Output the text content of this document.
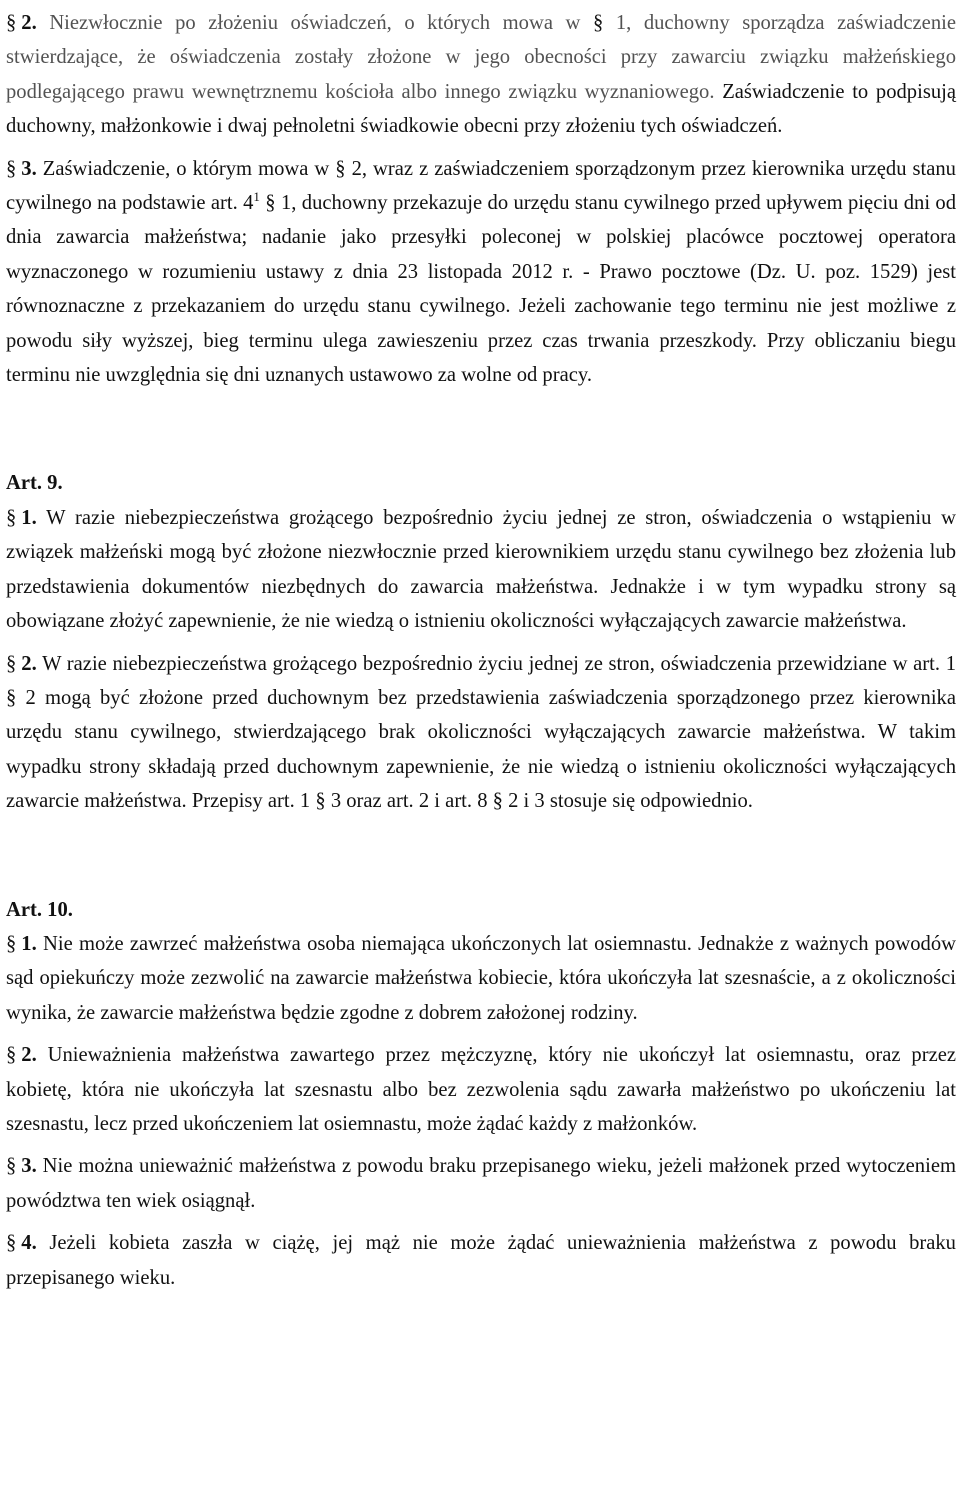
§ 2. Niezwłocznie po złożeniu oświadczeń, o których mowa w § 1, duchowny sporządza zaświadczenie stwierdzające, że oświadczenia zostały złożone w jego obecności przy zawarciu związku małżeńskiego podlegającego prawu wewnętrznemu kościoła albo innego związku wyznaniowego. Zaświadczenie to podpisują duchowny, małżonkowie i dwaj pełnoletni świadkowie obecni przy złożeniu tych oświadczeń.

§ 3. Zaświadczenie, o którym mowa w § 2, wraz z zaświadczeniem sporządzonym przez kierownika urzędu stanu cywilnego na podstawie art. $4^1$ § 1, duchowny przekazuje do urzędu stanu cywilnego przed upływem pięciu dni od dnia zawarcia małżeństwa; nadanie jako przesyłki poleconej w polskiej placówce pocztowej operatora wyznaczonego w rozumieniu ustawy z dnia 23 listopada 2012 r. - Prawo pocztowe (Dz. U. poz. 1529) jest równoznaczne z przekazaniem do urzędu stanu cywilnego. Jeżeli zachowanie tego terminu nie jest możliwe z powodu siły wyższej, bieg terminu ulega zawieszeniu przez czas trwania przeszkody. Przy obliczaniu biegu terminu nie uwzględnia się dni uznanych ustawowo za wolne od pracy.

Art. 9.

§ 1. W razie niebezpieczeństwa grożącego bezpośrednio życiu jednej ze stron, oświadczenia o wstąpieniu w związek małżeński mogą być złożone niezwłocznie przed kierownikiem urzędu stanu cywilnego bez złożenia lub przedstawienia dokumentów niezbędnych do zawarcia małżeństwa. Jednakże i w tym wypadku strony są obowiązane złożyć zapewnienie, że nie wiedzą o istnieniu okoliczności wyłączających zawarcie małżeństwa.

§ 2. W razie niebezpieczeństwa grożącego bezpośrednio życiu jednej ze stron, oświadczenia przewidziane w art. 1 § 2 mogą być złożone przed duchownym bez przedstawienia zaświadczenia sporządzonego przez kierownika urzędu stanu cywilnego, stwierdzającego brak okoliczności wyłączających zawarcie małżeństwa. W takim wypadku strony składają przed duchownym zapewnienie, że nie wiedzą o istnieniu okoliczności wyłączających zawarcie małżeństwa. Przepisy art. 1 § 3 oraz art. 2 i art. 8 § 2 i 3 stosuje się odpowiednio.

Art. 10.

§ 1. Nie może zawrzeć małżeństwa osoba niemająca ukończonych lat osiemnastu. Jednakże z ważnych powodów sąd opiekuńczy może zezwolić na zawarcie małżeństwa kobiecie, która ukończyła lat szesnaście, a z okoliczności wynika, że zawarcie małżeństwa będzie zgodne z dobrem założonej rodziny.

§ 2. Unieważnienia małżeństwa zawartego przez mężczyznę, który nie ukończył lat osiemnastu, oraz przez kobietę, która nie ukończyła lat szesnastu albo bez zezwolenia sądu zawarła małżeństwo po ukończeniu lat szesnastu, lecz przed ukończeniem lat osiemnastu, może żądać każdy z małżonków.

§ 3. Nie można unieważnić małżeństwa z powodu braku przepisanego wieku, jeżeli małżonek przed wytoczeniem powództwa ten wiek osiągnął.

§ 4. Jeżeli kobieta zaszła w ciążę, jej mąż nie może żądać unieważnienia małżeństwa z powodu braku przepisanego wieku.
